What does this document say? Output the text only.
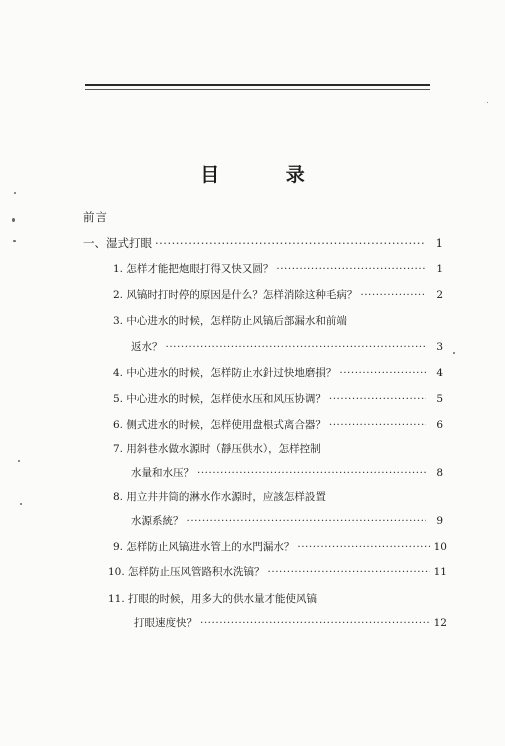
目 录
前言
一、湿式打眼 ·····	1
1. 怎样才能把炮眼打得又快又圆？ ·····	1
2. 风镐时打时停的原因是什么？怎样消除这种毛病？ ·····	2
3. 中心进水的时候，怎样防止风镐后部漏水和前端
返水？ ·····	3
4. 中心进水的时候，怎样防止水針过快地磨損？ ·····	4
5. 中心进水的时候，怎样使水压和风压协调？ ·····	5
6. 侧式进水的时候，怎样使用盘根式离合器？ ·····	6
7. 用斜巷水做水源时（靜压供水），怎样控制
水量和水压？ ·····	8
8. 用立井井筒的淋水作水源时，应該怎样設置
水源系統？ ·····	9
9. 怎样防止风镐进水管上的水門漏水？ ·····	10
10. 怎样防止压风管路积水洗镐？ ·····	11
11. 打眼的时候，用多大的供水量才能使风镐
打眼速度快？ ·····	12
